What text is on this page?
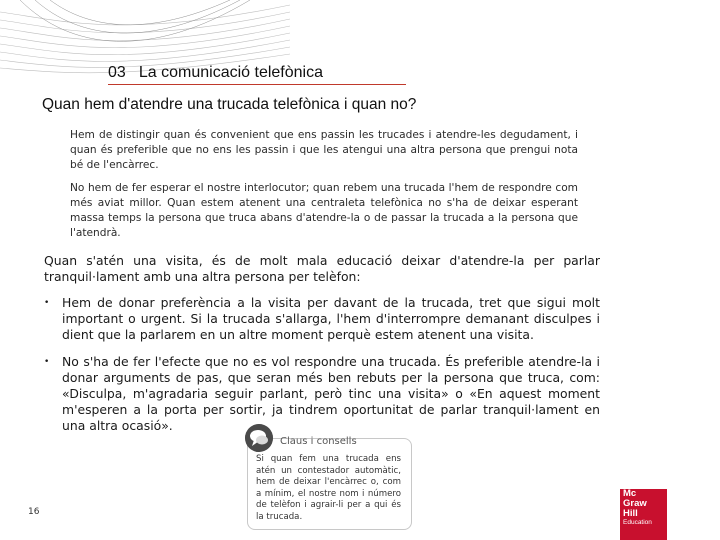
03 La comunicació telefònica
Quan hem d'atendre una trucada telefònica i quan no?
Hem de distingir quan és convenient que ens passin les trucades i atendre-les degudament, i quan és preferible que no ens les passin i que les atengui una altra persona que prengui nota bé de l'encàrrec.
No hem de fer esperar el nostre interlocutor; quan rebem una trucada l'hem de respondre com més aviat millor. Quan estem atenent una centraleta telefònica no s'ha de deixar esperant massa temps la persona que truca abans d'atendre-la o de passar la trucada a la persona que l'atendrà.
Quan s'atén una visita, és de molt mala educació deixar d'atendre-la per parlar tranquil·lament amb una altra persona per telèfon:
• Hem de donar preferència a la visita per davant de la trucada, tret que sigui molt important o urgent. Si la trucada s'allarga, l'hem d'interrompre demanant disculpes i dient que la parlarem en un altre moment perquè estem atenent una visita.
• No s'ha de fer l'efecte que no es vol respondre una trucada. És preferible atendre-la i donar arguments de pas, que seran més ben rebuts per la persona que truca, com: «Disculpa, m'agradaria seguir parlant, però tinc una visita» o «En aquest moment m'esperen a la porta per sortir, ja tindrem oportunitat de parlar tranquil·lament en una altra ocasió».
Claus i consells
Si quan fem una trucada ens atén un contestador automàtic, hem de deixar l'encàrrec o, com a mínim, el nostre nom i número de telèfon i agrair-li per a qui és la trucada.
16
Mc
Graw
Hill
Education
